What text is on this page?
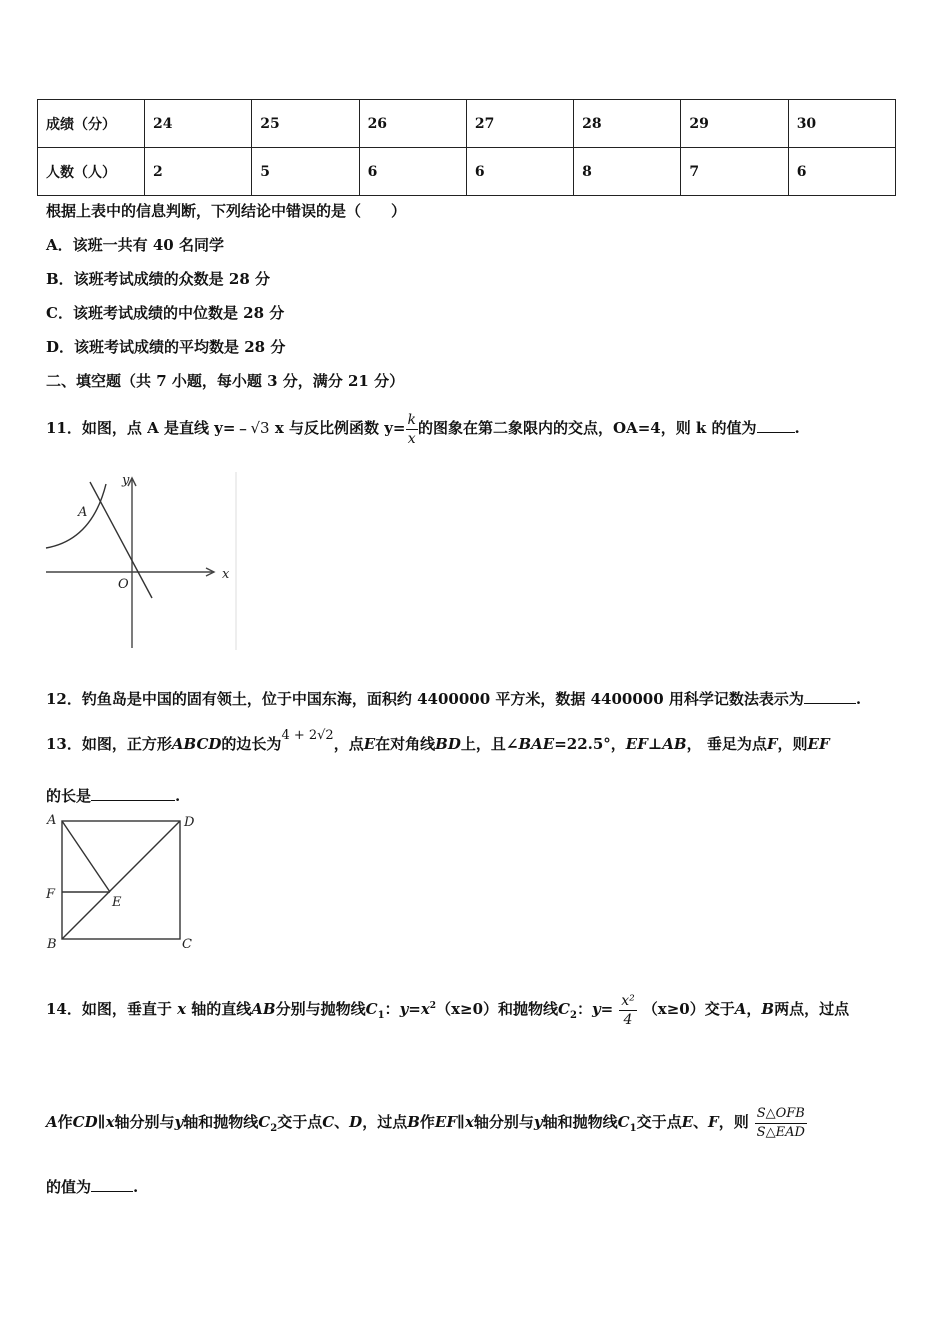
成绩（分）	24	25	26	27	28	29	30
人数（人）	2	5	6	6	8	7	6
根据上表中的信息判断，下列结论中错误的是（　　）
A．该班一共有 40 名同学
B．该班考试成绩的众数是 28 分
C．该班考试成绩的中位数是 28 分
D．该班考试成绩的平均数是 28 分
二、填空题（共 7 小题，每小题 3 分，满分 21 分）
11．如图，点 A 是直线 y=﹣√3 x 与反比例函数 $y= \frac{k}{x}$ 的图象在第二象限内的交点，OA=4，则 k 的值为	.
y
x
O
A
12．钓鱼岛是中国的固有领土，位于中国东海，面积约 4400000 平方米，数据 4400000 用科学记数法表示为	.
13．如图，正方形ABCD的边长为4 + 2√2，点E在对角线BD上，且∠BAE=22.5°，EF⊥AB， 垂足为点F，则EF
的长是	.
A	D
F
E
B	C
14．如图，垂直于 x 轴的直线AB分别与抛物线$C_1$：$y=x^2(x\ge 0)$和抛物线$C_2$：$y= \frac{\text{x²}}{4} (x\ge 0)$交于A，B两点，过点
A作CD∥x轴分别与y轴和抛物线$C_2$交于点C、D，过点B作EF∥x轴分别与y轴和抛物线$C_1$交于点E、F，则 $\frac{\text{S△OFB}}{\text{S△EAD}}$
的值为	.
